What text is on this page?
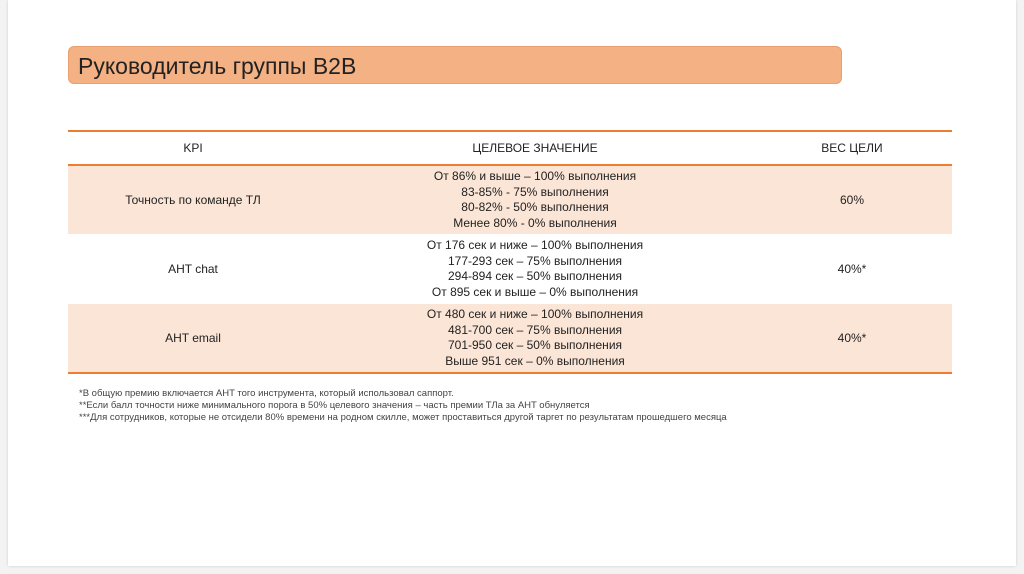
Руководитель группы B2B
KPI	ЦЕЛЕВОЕ ЗНАЧЕНИЕ	ВЕС ЦЕЛИ
Точность по команде ТЛ	От 86% и выше – 100% выполнения
83-85% - 75% выполнения
80-82% - 50% выполнения
Менее 80% - 0% выполнения	60%
AHT chat	От 176 сек и ниже – 100% выполнения
177-293 сек – 75% выполнения
294-894 сек – 50% выполнения
От 895 сек и выше – 0% выполнения	40%*
AHT email	От 480 сек и ниже – 100% выполнения
481-700 сек – 75% выполнения
701-950 сек – 50% выполнения
Выше 951 сек – 0% выполнения	40%*
*В общую премию включается AHT того инструмента, который использовал саппорт.
**Если балл точности ниже минимального порога в 50% целевого значения – часть премии ТЛа за AHT обнуляется
***Для сотрудников, которые не отсидели 80% времени на родном скилле, может проставиться другой таргет по результатам прошедшего месяца
